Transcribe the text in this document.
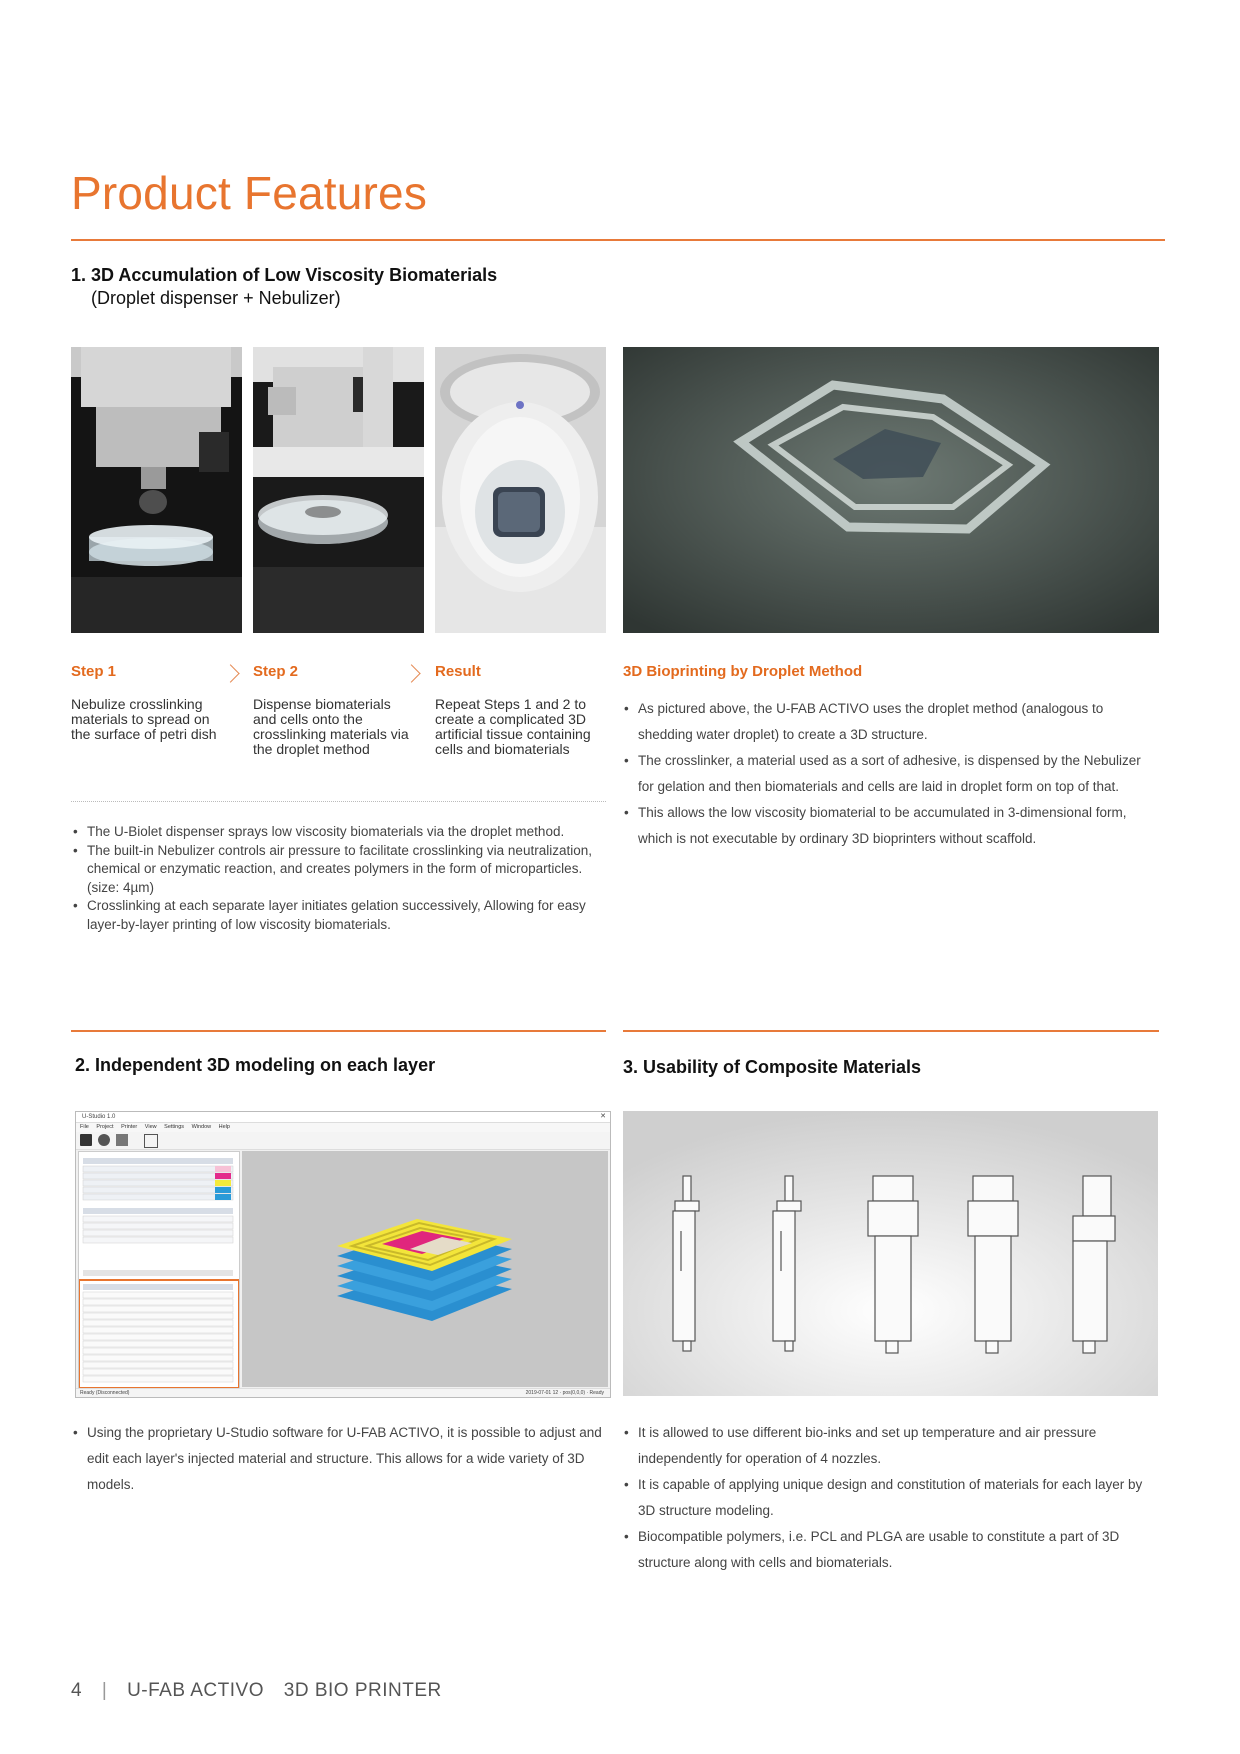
Product Features
1. 3D Accumulation of Low Viscosity Biomaterials
(Droplet dispenser + Nebulizer)
Step 1
Nebulize crosslinking materials to spread on the surface of petri dish
Step 2
Dispense biomaterials and cells onto the crosslinking materials via the droplet method
Result
Repeat Steps 1 and 2 to create a complicated 3D artificial tissue containing cells and biomaterials
3D Bioprinting by Droplet Method
• As pictured above, the U-FAB ACTIVO uses the droplet method (analogous to shedding water droplet) to create a 3D structure.
• The crosslinker, a material used as a sort of adhesive, is dispensed by the Nebulizer for gelation and then biomaterials and cells are laid in droplet form on top of that.
• This allows the low viscosity biomaterial to be accumulated in 3-dimensional form, which is not executable by ordinary 3D bioprinters without scaffold.
• The U-Biolet dispenser sprays low viscosity biomaterials via the droplet method.
• The built-in Nebulizer controls air pressure to facilitate crosslinking via neutralization, chemical or enzymatic reaction, and creates polymers in the form of microparticles. (size: 4µm)
• Crosslinking at each separate layer initiates gelation successively, Allowing for easy layer-by-layer printing of low viscosity biomaterials.
2. Independent 3D modeling on each layer	3. Usability of Composite Materials
U-Studio 1.0	✕
File Project Printer View Settings Window Help
Ready (Disconnected)	2019-07-01 12 · pos(0,0,0) · Ready
• Using the proprietary U-Studio software for U-FAB ACTIVO, it is possible to adjust and edit each layer's injected material and structure. This allows for a wide variety of 3D models.
• It is allowed to use different bio-inks and set up temperature and air pressure independently for operation of 4 nozzles.
• It is capable of applying unique design and constitution of materials for each layer by 3D structure modeling.
• Biocompatible polymers, i.e. PCL and PLGA are usable to constitute a part of 3D structure along with cells and biomaterials.
4 | U-FAB ACTIVO 3D BIO PRINTER
